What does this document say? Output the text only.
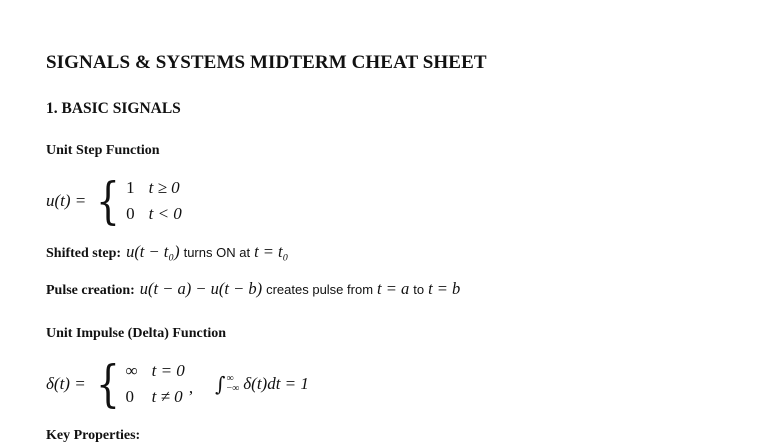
SIGNALS & SYSTEMS MIDTERM CHEAT SHEET
1. BASIC SIGNALS
Unit Step Function
u(t) = { 1 t ≥ 0
0 t < 0
Shifted step: u(t − t₀) turns ON at t = t₀
Pulse creation: u(t − a) − u(t − b) creates pulse from t = a to t = b
Unit Impulse (Delta) Function
δ(t) = { ∞ t = 0
0 t ≠ 0 , ∫ ∞
−∞ δ(t)dt = 1
Key Properties:
